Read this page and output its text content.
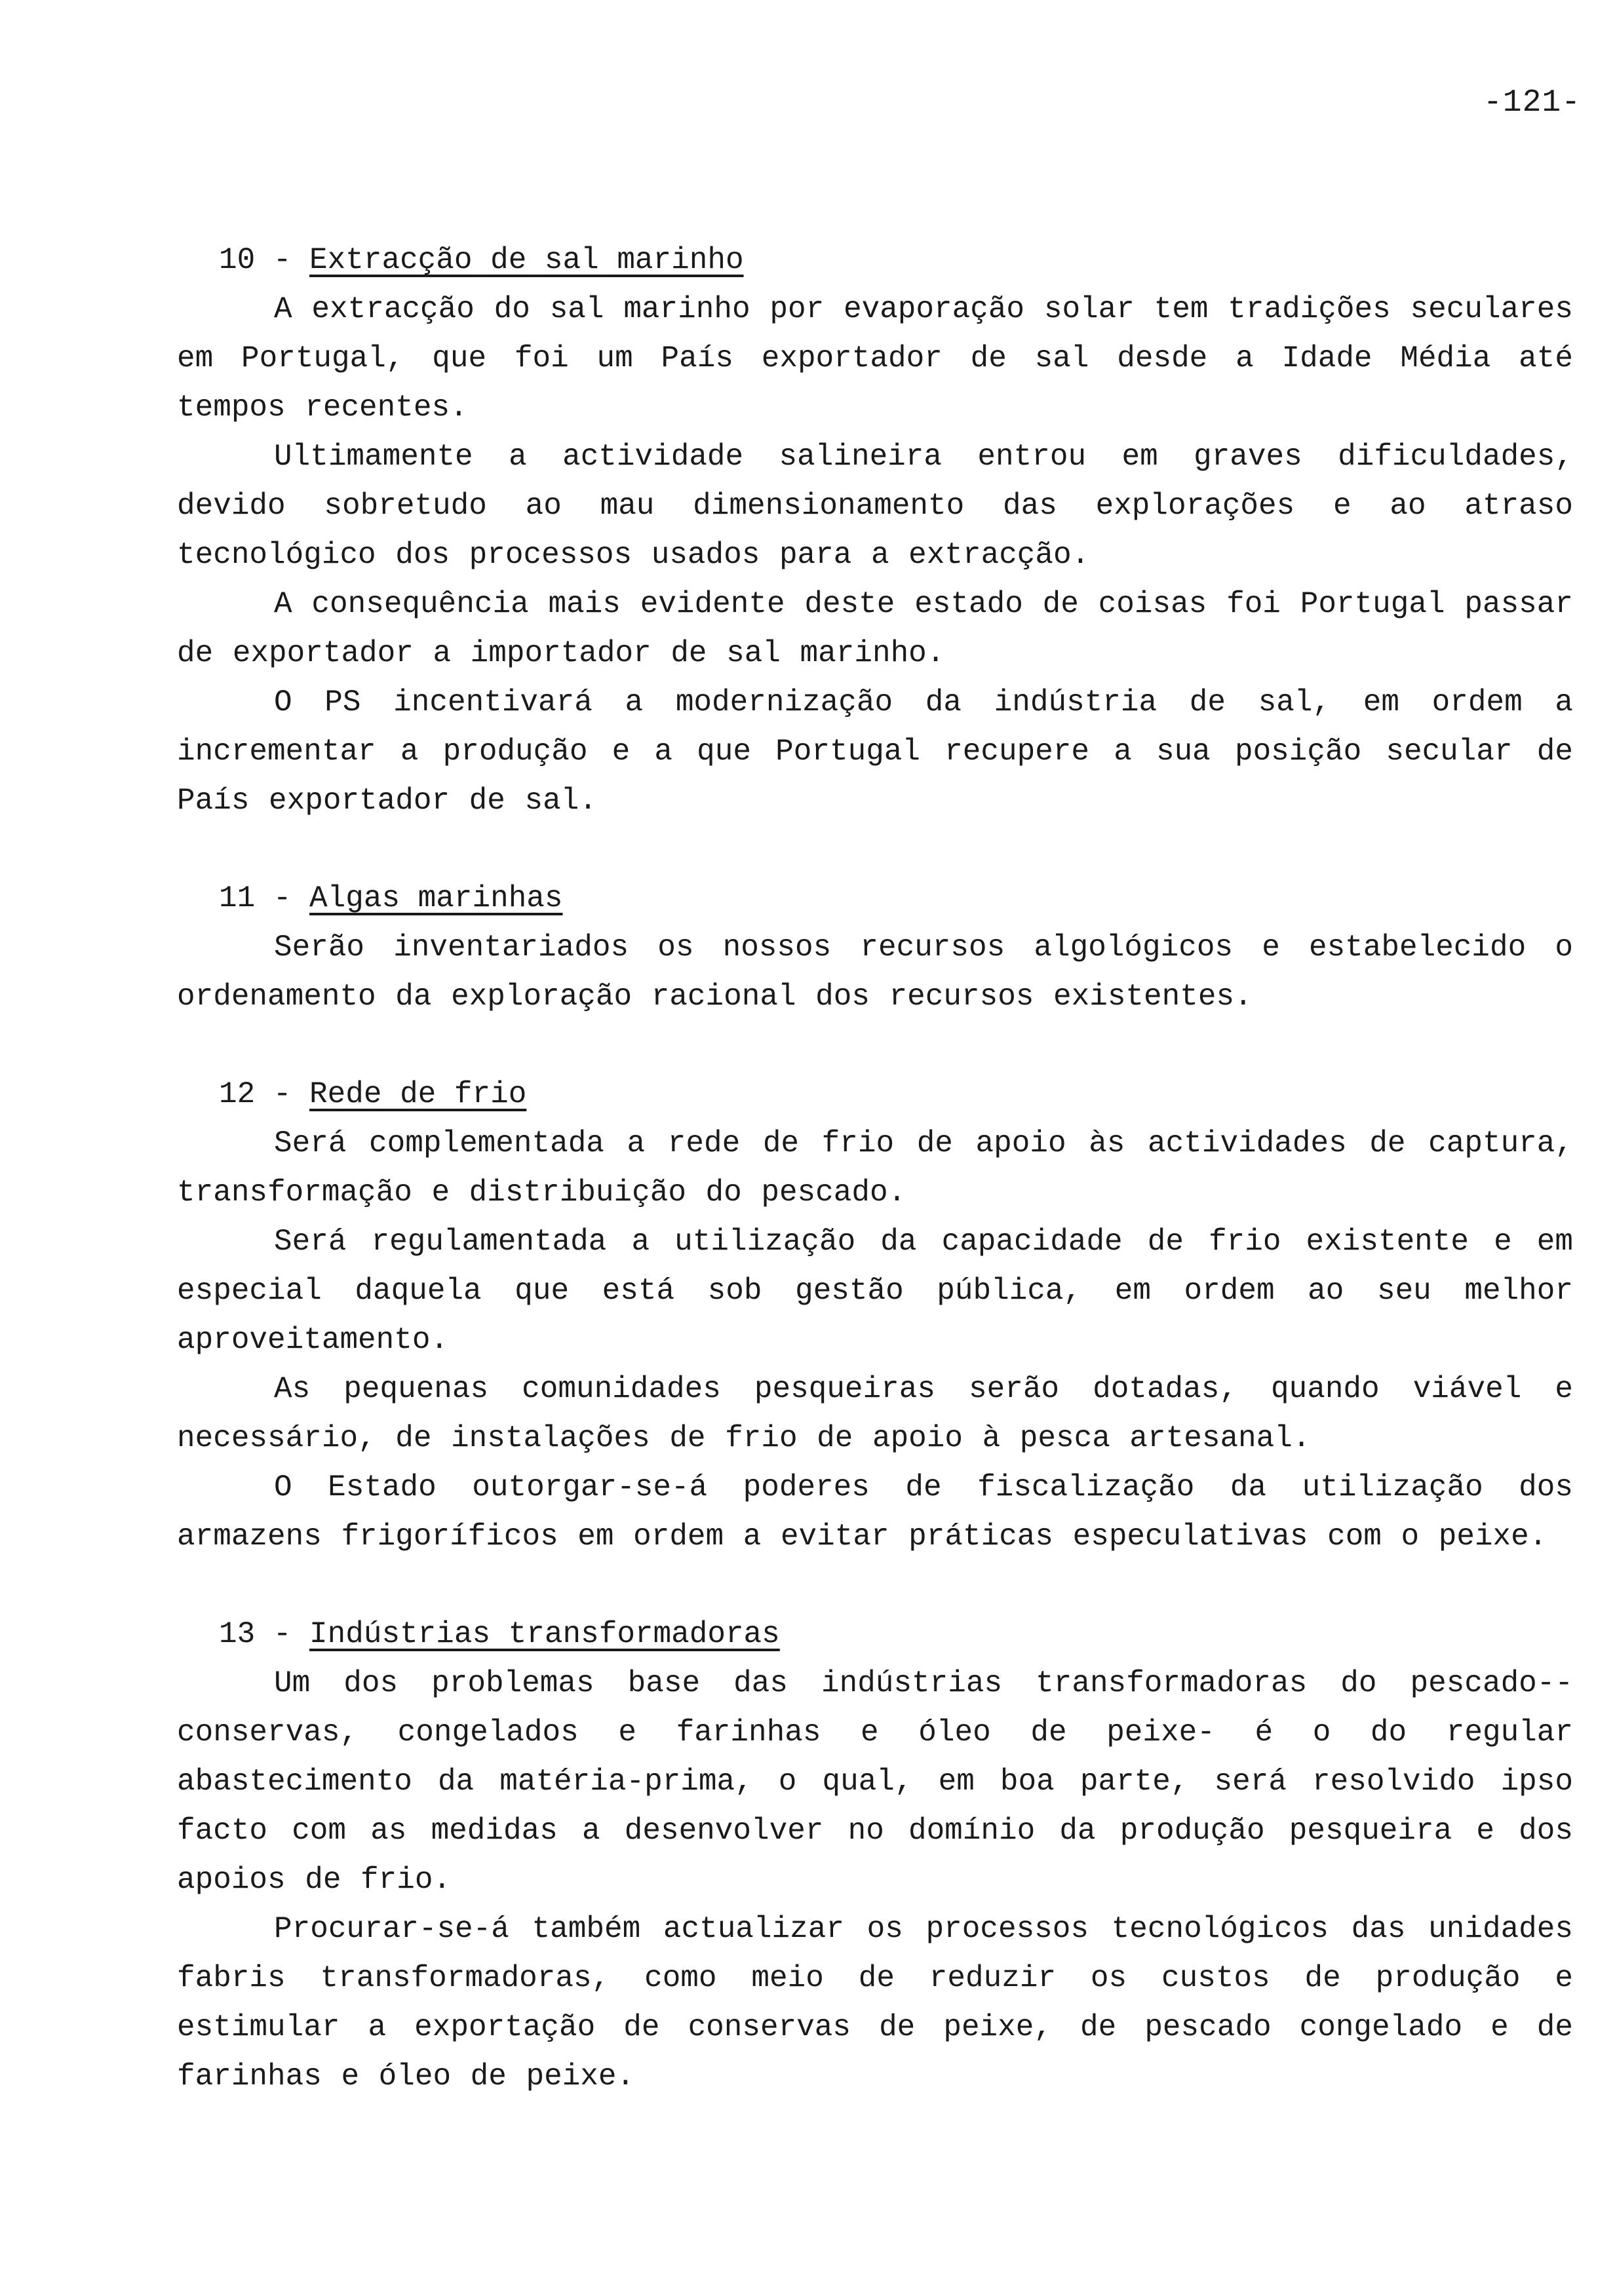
-121-
10 - Extracção de sal marinho

A extracção do sal marinho por evaporação solar tem tradições seculares em Portugal, que foi um País exportador de sal desde a Idade Média até tempos recentes.

Ultimamente a actividade salineira entrou em graves dificuldades, devido sobretudo ao mau dimensionamento das explorações e ao atraso tecnológico dos processos usados para a extracção.

A consequência mais evidente deste estado de coisas foi Portugal passar de exportador a importador de sal marinho.

O PS incentivará a modernização da indústria de sal, em ordem a incrementar a produção e a que Portugal recupere a sua posição secular de País exportador de sal.

11 - Algas marinhas

Serão inventariados os nossos recursos algológicos e estabelecido o ordenamento da exploração racional dos recursos existentes.

12 - Rede de frio

Será complementada a rede de frio de apoio às actividades de captura, transformação e distribuição do pescado.

Será regulamentada a utilização da capacidade de frio existente e em especial daquela que está sob gestão pública, em ordem ao seu melhor aproveitamento.

As pequenas comunidades pesqueiras serão dotadas, quando viável e necessário, de instalações de frio de apoio à pesca artesanal.

O Estado outorgar-se-á poderes de fiscalização da utilização dos armazens frigoríficos em ordem a evitar práticas especulativas com o peixe.

13 - Indústrias transformadoras

Um dos problemas base das indústrias transformadoras do pescado--conservas, congelados e farinhas e óleo de peixe- é o do regular abastecimento da matéria-prima, o qual, em boa parte, será resolvido ipso facto com as medidas a desenvolver no domínio da produção pesqueira e dos apoios de frio.

Procurar-se-á também actualizar os processos tecnológicos das unidades fabris transformadoras, como meio de reduzir os custos de produção e estimular a exportação de conservas de peixe, de pescado congelado e de farinhas e óleo de peixe.
